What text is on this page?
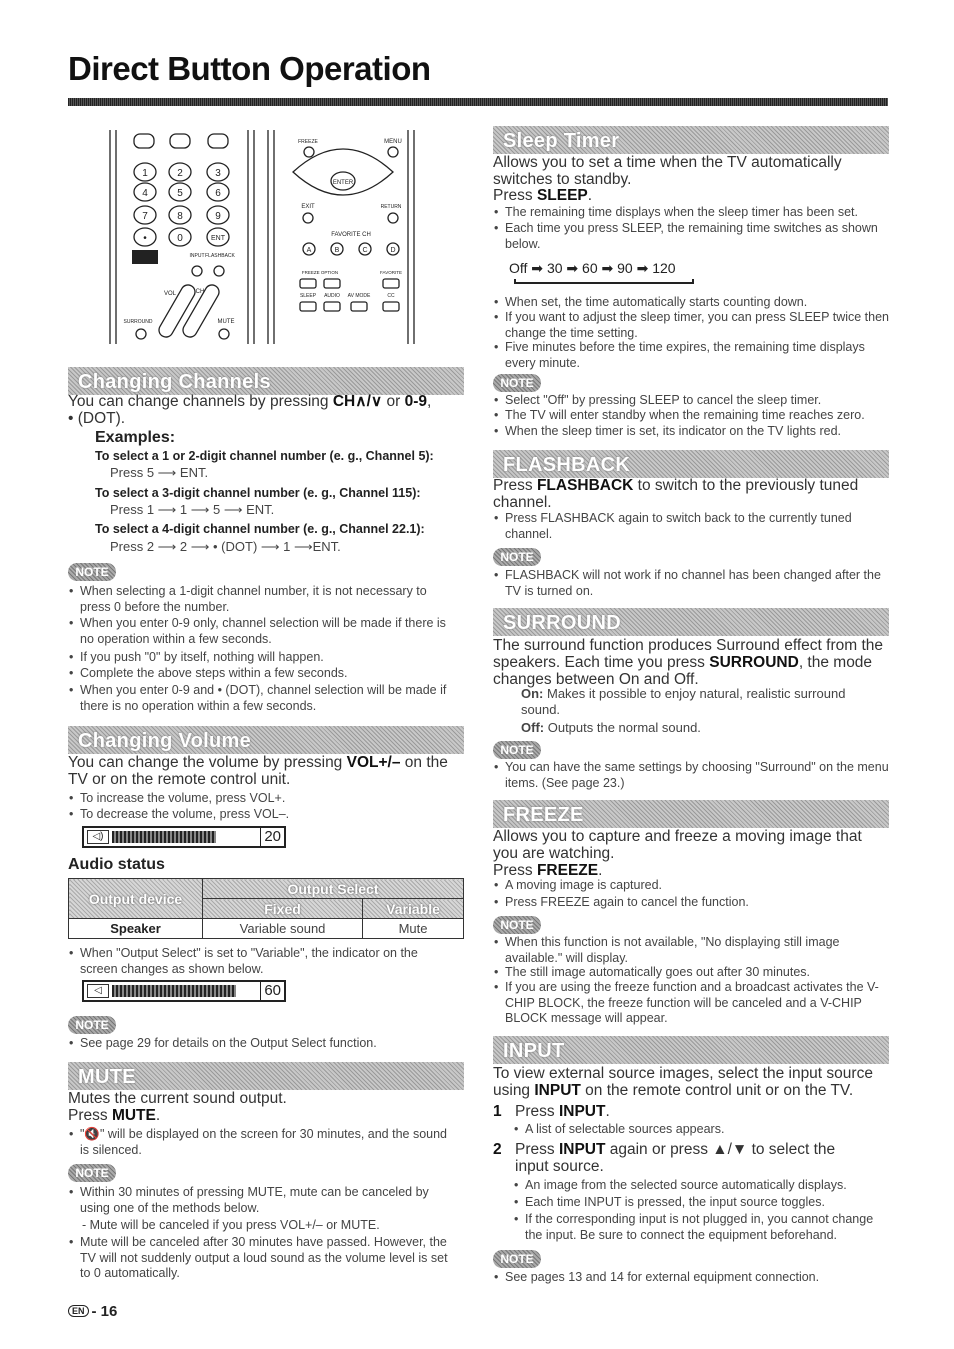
Direct Button Operation
1	2	3
4	5	6
7	8	9
•	0	ENT
FLASHBACK
INPUT
VOL	CH
SURROUND	MUTE
FREEZE	MENU
ENTER
EXIT	RETURN
FAVORITE CH
A	B	C	D
FREEZE OPTION	FAVORITE
SLEEP AUDIO AV MODE	CC
Changing Channels
You can change channels by pressing CH∧/∨ or 0-9,
• (DOT).
Examples:
To select a 1 or 2-digit channel number (e. g., Channel 5):
Press 5 ⟶ ENT.
To select a 3-digit channel number (e. g., Channel 115):
Press 1 ⟶ 1 ⟶ 5 ⟶ ENT.
To select a 4-digit channel number (e. g., Channel 22.1):
Press 2 ⟶ 2 ⟶ • (DOT) ⟶ 1 ⟶ENT.
NOTE
• When selecting a 1-digit channel number, it is not necessary to press 0 before the number.
• When you enter 0-9 only, channel selection will be made if there is no operation within a few seconds.
• If you push "0" by itself, nothing will happen.
• Complete the above steps within a few seconds.
• When you enter 0-9 and • (DOT), channel selection will be made if there is no operation within a few seconds.
Changing Volume
You can change the volume by pressing VOL+/– on the TV or on the remote control unit.
• To increase the volume, press VOL+.
• To decrease the volume, press VOL–.
◁)	20
Audio status
Output device	Output Select	
	Fixed	Variable
Speaker	Variable sound	Mute
• When "Output Select" is set to "Variable", the indicator on the screen changes as shown below.
◁	60
NOTE
• See page 29 for details on the Output Select function.
MUTE
Mutes the current sound output.
Press MUTE.
• "🔇" will be displayed on the screen for 30 minutes, and the sound is silenced.
NOTE
• Within 30 minutes of pressing MUTE, mute can be canceled by using one of the methods below.
- Mute will be canceled if you press VOL+/– or MUTE.
• Mute will be canceled after 30 minutes have passed. However, the TV will not suddenly output a loud sound as the volume level is set to 0 automatically.
Sleep Timer
Allows you to set a time when the TV automatically switches to standby.
Press SLEEP.
• The remaining time displays when the sleep timer has been set.
• Each time you press SLEEP, the remaining time switches as shown below.
Off ➡ 30 ➡ 60 ➡ 90 ➡ 120
• When set, the time automatically starts counting down.
• If you want to adjust the sleep timer, you can press SLEEP twice then change the time setting.
• Five minutes before the time expires, the remaining time displays every minute.
NOTE
• Select "Off" by pressing SLEEP to cancel the sleep timer.
• The TV will enter standby when the remaining time reaches zero.
• When the sleep timer is set, its indicator on the TV lights red.
FLASHBACK
Press FLASHBACK to switch to the previously tuned channel.
• Press FLASHBACK again to switch back to the currently tuned channel.
NOTE
• FLASHBACK will not work if no channel has been changed after the TV is turned on.
SURROUND
The surround function produces Surround effect from the speakers. Each time you press SURROUND, the mode changes between On and Off.
On: Makes it possible to enjoy natural, realistic surround sound.
Off: Outputs the normal sound.
NOTE
• You can have the same settings by choosing "Surround" on the menu items. (See page 23.)
FREEZE
Allows you to capture and freeze a moving image that you are watching.
Press FREEZE.
• A moving image is captured.
• Press FREEZE again to cancel the function.
NOTE
• When this function is not available, "No displaying still image available." will display.
• The still image automatically goes out after 30 minutes.
• If you are using the freeze function and a broadcast activates the V-CHIP BLOCK, the freeze function will be canceled and a V-CHIP BLOCK message will appear.
INPUT
To view external source images, select the input source using INPUT on the remote control unit or on the TV.
1 Press INPUT.
• A list of selectable sources appears.
2 Press INPUT again or press ▲/▼ to select the input source.
• An image from the selected source automatically displays.
• Each time INPUT is pressed, the input source toggles.
• If the corresponding input is not plugged in, you cannot change the input. Be sure to connect the equipment beforehand.
NOTE
• See pages 13 and 14 for external equipment connection.
EN - 16
